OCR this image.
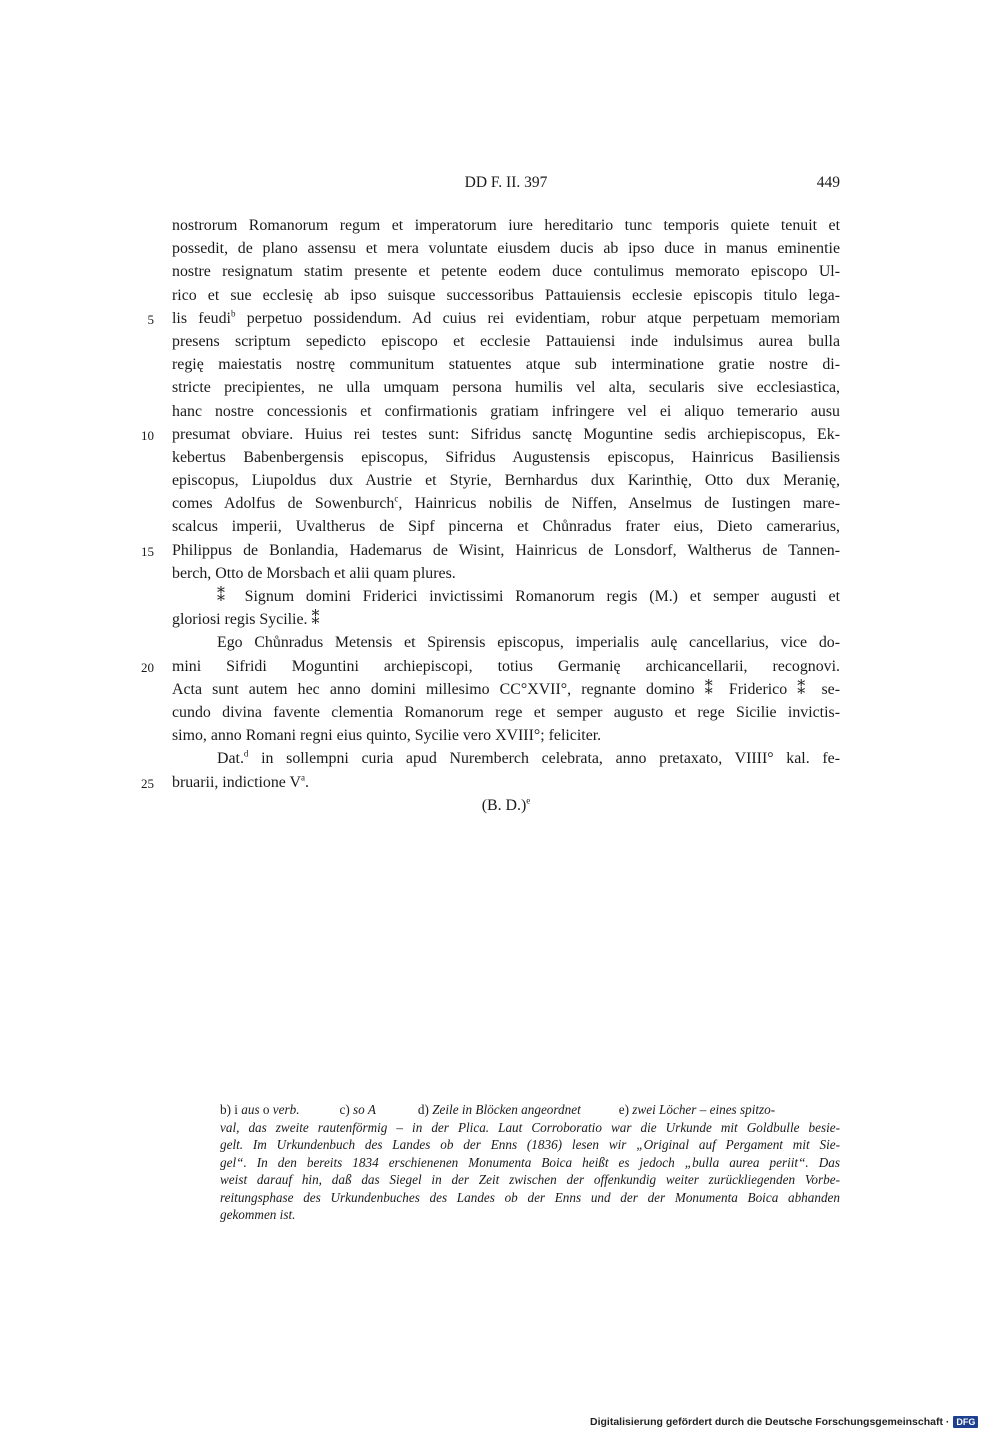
DD F. II. 397	449
5
10
15
20
25
nostrorum Romanorum regum et imperatorum iure hereditario tunc temporis quiete tenuit et
possedit, de plano assensu et mera voluntate eiusdem ducis ab ipso duce in manus eminentie
nostre resignatum statim presente et petente eodem duce contulimus memorato episcopo Ul-
rico et sue ecclesię ab ipso suisque successoribus Pattauiensis ecclesie episcopis titulo lega-
lis feudi$^b$ perpetuo possidendum. Ad cuius rei evidentiam, robur atque perpetuam memoriam
presens scriptum sepedicto episcopo et ecclesie Pattauiensi inde indulsimus aurea bulla
regię maiestatis nostrę communitum statuentes atque sub interminatione gratie nostre di-
stricte precipientes, ne ulla umquam persona humilis vel alta, secularis sive ecclesiastica,
hanc nostre concessionis et confirmationis gratiam infringere vel ei aliquo temerario ausu
presumat obviare. Huius rei testes sunt: Sifridus sanctę Moguntine sedis archiepiscopus, Ek-
kebertus Babenbergensis episcopus, Sifridus Augustensis episcopus, Hainricus Basiliensis
episcopus, Liupoldus dux Austrie et Styrie, Bernhardus dux Karinthię, Otto dux Meranię,
comes Adolfus de Sowenburch$^c$, Hainricus nobilis de Niffen, Anselmus de Iustingen mare-
scalcus imperii, Uvaltherus de Sipf pincerna et Chůnradus frater eius, Dieto camerarius,
Philippus de Bonlandia, Hademarus de Wisint, Hainricus de Lonsdorf, Waltherus de Tannen-
berch, Otto de Morsbach et alii quam plures.
⁑ Signum domini Friderici invictissimi Romanorum regis (M.) et semper augusti et
gloriosi regis Sycilie. ⁑
Ego Chůnradus Metensis et Spirensis episcopus, imperialis aulę cancellarius, vice do-
mini Sifridi Moguntini archiepiscopi, totius Germanię archicancellarii, recognovi.
Acta sunt autem hec anno domini millesimo CC°XVII°, regnante domino ⁑ Friderico ⁑ se-
cundo divina favente clementia Romanorum rege et semper augusto et rege Sicilie invictis-
simo, anno Romani regni eius quinto, Sycilie vero XVIII°; feliciter.
Dat.$^d$ in sollempni curia apud Nuremberch celebrata, anno pretaxato, VIIII° kal. fe-
bruarii, indictione $V^a$.
(B. D.)$^e$
b) i aus o verb.	c) so A	d) Zeile in Blöcken angeordnet	e) zwei Löcher – eines spitzo-
val, das zweite rautenförmig – in der Plica. Laut Corroboratio war die Urkunde mit Goldbulle besie-
gelt. Im Urkundenbuch des Landes ob der Enns (1836) lesen wir „Original auf Pergament mit Sie-
gel“. In den bereits 1834 erschienenen Monumenta Boica heißt es jedoch „bulla aurea periit“. Das
weist darauf hin, daß das Siegel in der Zeit zwischen der offenkundig weiter zurückliegenden Vorbe-
reitungsphase des Urkundenbuches des Landes ob der Enns und der der Monumenta Boica abhanden
gekommen ist.
Digitalisierung gefördert durch die Deutsche Forschungsgemeinschaft · DFG
